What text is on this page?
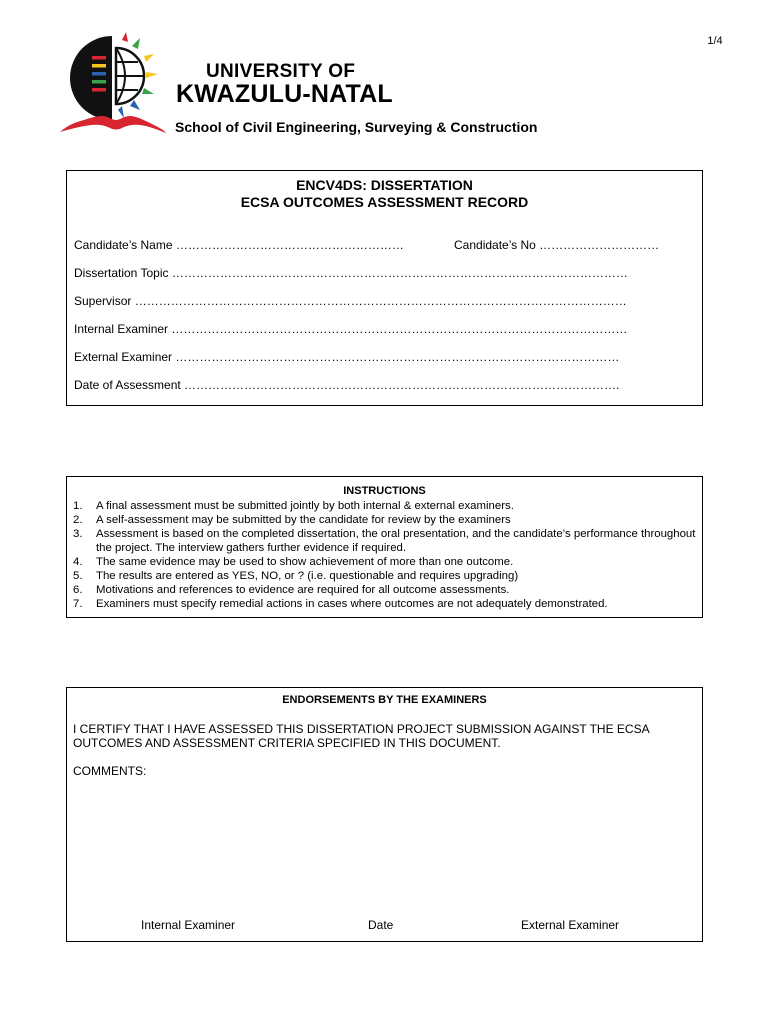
1/4
UNIVERSITY OF
KWAZULU-NATAL
School of Civil Engineering, Surveying & Construction
ENCV4DS: DISSERTATION
ECSA OUTCOMES ASSESSMENT RECORD
Candidate’s Name …………………………………………………	Candidate’s No …………………………
Dissertation Topic ……………………………………………………………………………………………………
Supervisor ……………………………………………………………………………………………………………
Internal Examiner ……………………………………………………………………………………………………
External Examiner …………………………………………………………………………………………………
Date of Assessment ……………………………………………………………………………………………….
INSTRUCTIONS
1. A final assessment must be submitted jointly by both internal & external examiners.
2. A self-assessment may be submitted by the candidate for review by the examiners
3. Assessment is based on the completed dissertation, the oral presentation, and the candidate’s performance throughout the project. The interview gathers further evidence if required.
4. The same evidence may be used to show achievement of more than one outcome.
5. The results are entered as YES, NO, or ? (i.e. questionable and requires upgrading)
6. Motivations and references to evidence are required for all outcome assessments.
7. Examiners must specify remedial actions in cases where outcomes are not adequately demonstrated.
ENDORSEMENTS BY THE EXAMINERS
I CERTIFY THAT I HAVE ASSESSED THIS DISSERTATION PROJECT SUBMISSION AGAINST THE ECSA OUTCOMES AND ASSESSMENT CRITERIA SPECIFIED IN THIS DOCUMENT.
COMMENTS:
Internal Examiner	Date	External Examiner
